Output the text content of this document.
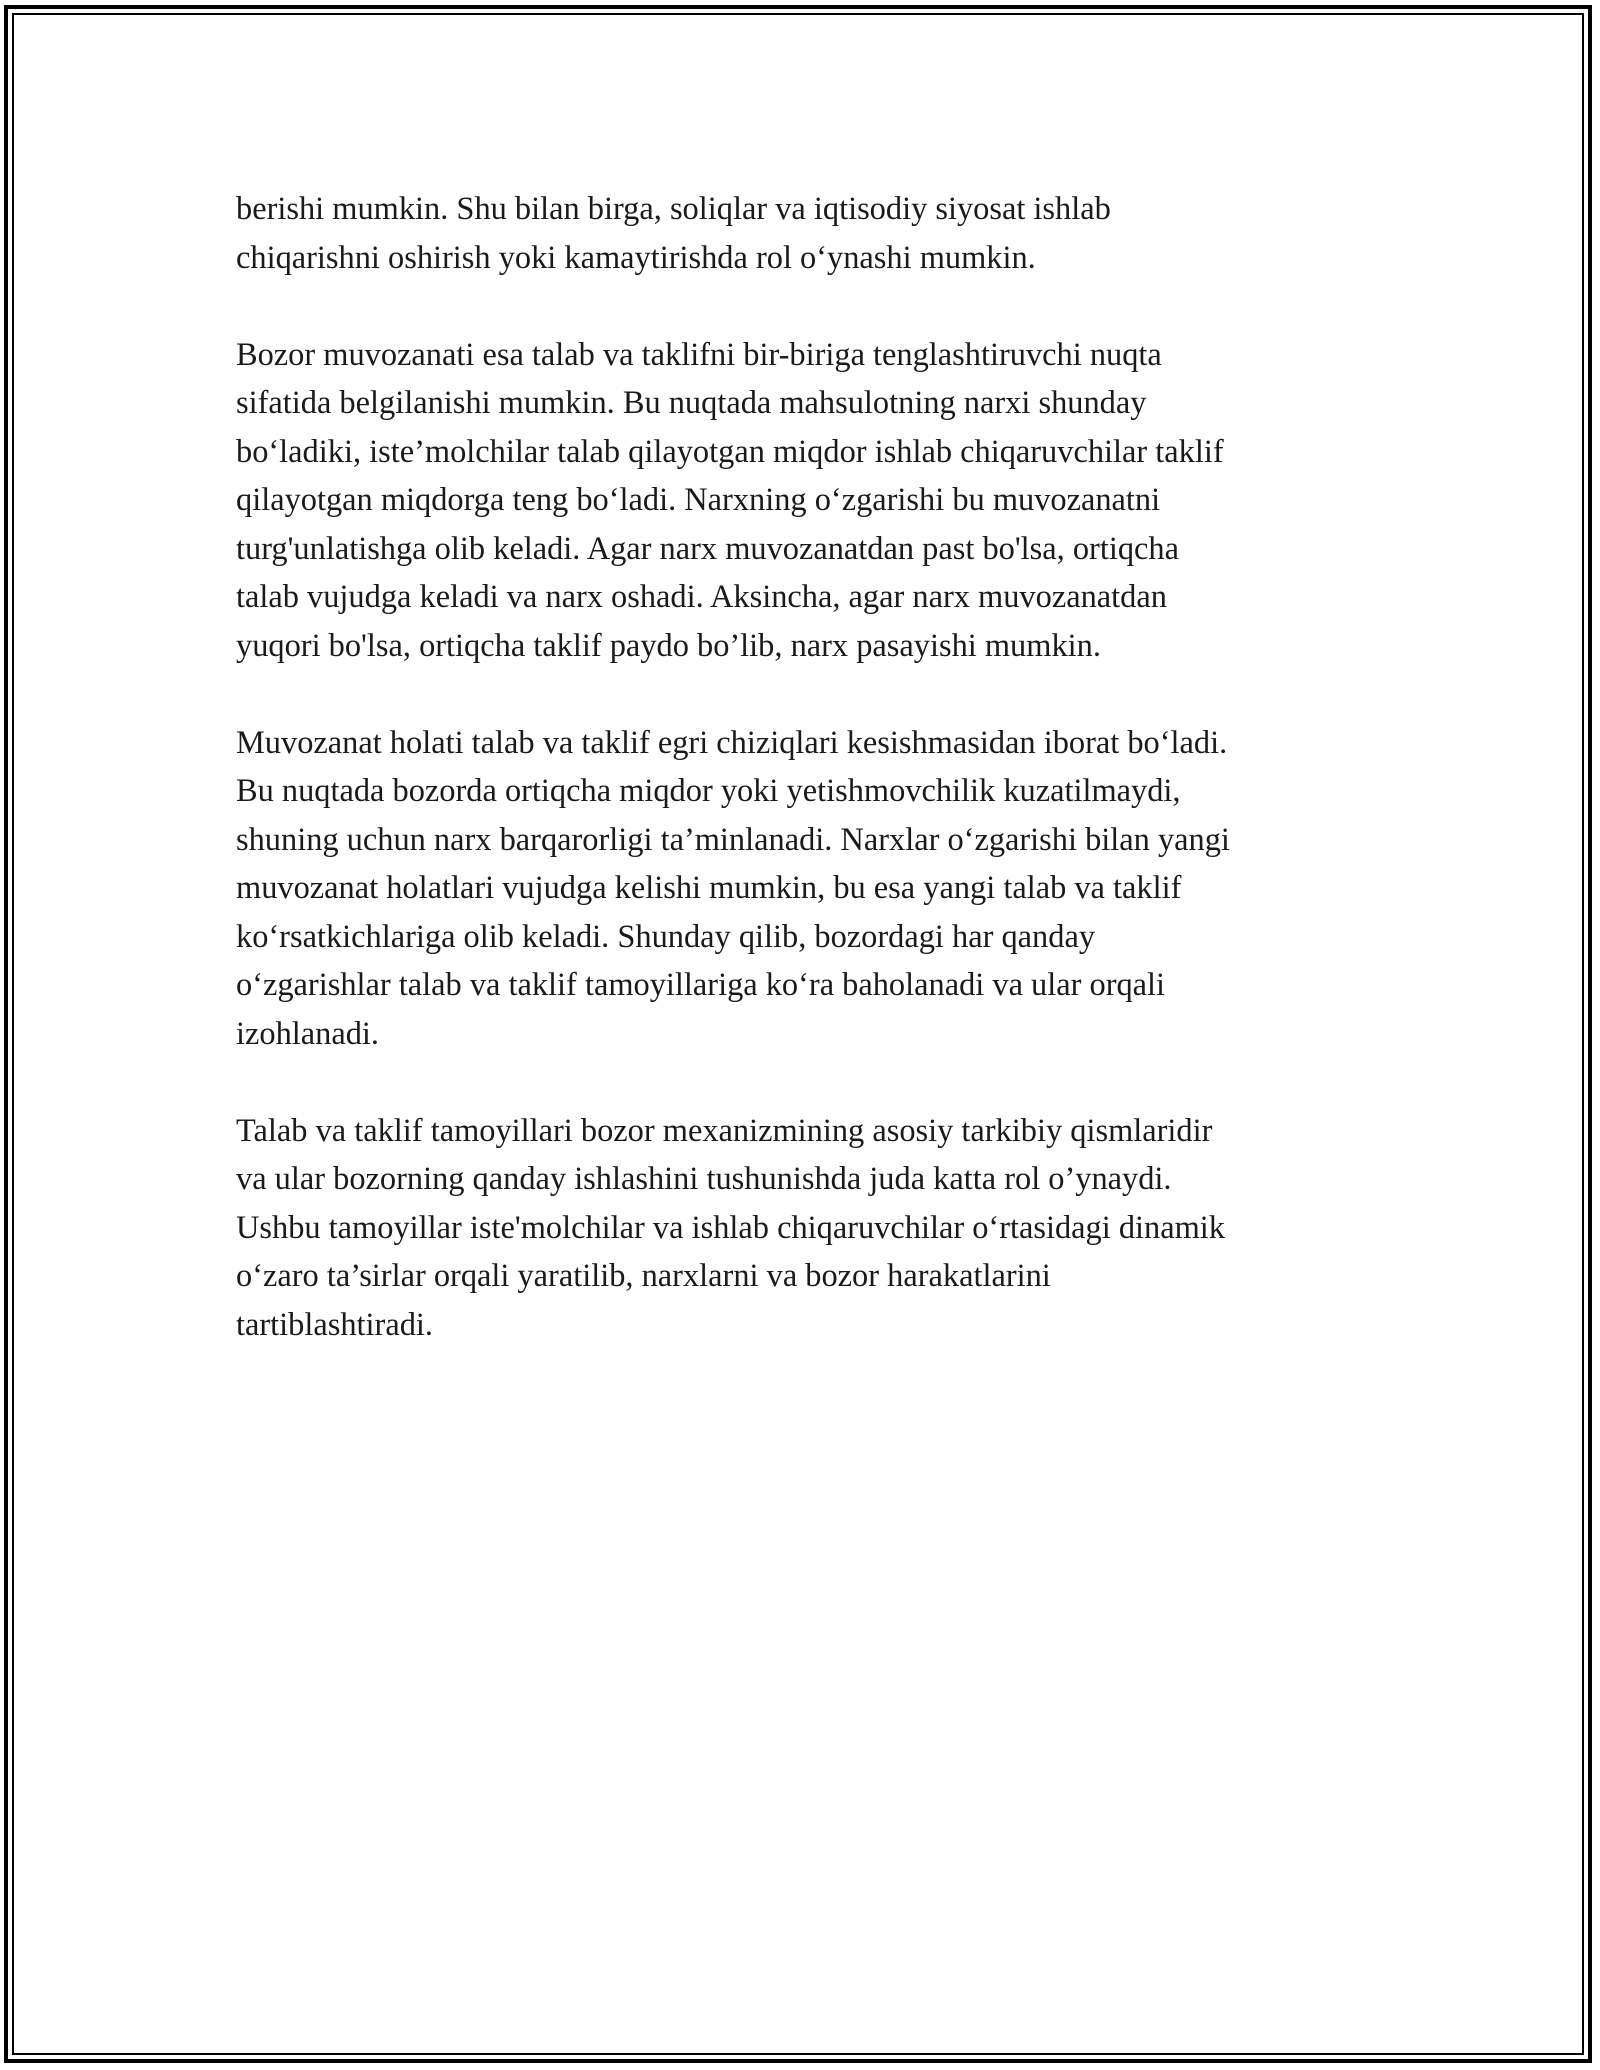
berishi mumkin. Shu bilan birga, soliqlar va iqtisodiy siyosat ishlab
chiqarishni oshirish yoki kamaytirishda rol o‘ynashi mumkin.

Bozor muvozanati esa talab va taklifni bir-biriga tenglashtiruvchi nuqta
sifatida belgilanishi mumkin. Bu nuqtada mahsulotning narxi shunday
bo‘ladiki, iste’molchilar talab qilayotgan miqdor ishlab chiqaruvchilar taklif
qilayotgan miqdorga teng bo‘ladi. Narxning o‘zgarishi bu muvozanatni
turg'unlatishga olib keladi. Agar narx muvozanatdan past bo'lsa, ortiqcha
talab vujudga keladi va narx oshadi. Aksincha, agar narx muvozanatdan
yuqori bo'lsa, ortiqcha taklif paydo bo’lib, narx pasayishi mumkin.

Muvozanat holati talab va taklif egri chiziqlari kesishmasidan iborat bo‘ladi.
Bu nuqtada bozorda ortiqcha miqdor yoki yetishmovchilik kuzatilmaydi,
shuning uchun narx barqarorligi ta’minlanadi. Narxlar o‘zgarishi bilan yangi
muvozanat holatlari vujudga kelishi mumkin, bu esa yangi talab va taklif
ko‘rsatkichlariga olib keladi. Shunday qilib, bozordagi har qanday
o‘zgarishlar talab va taklif tamoyillariga ko‘ra baholanadi va ular orqali
izohlanadi.

Talab va taklif tamoyillari bozor mexanizmining asosiy tarkibiy qismlaridir
va ular bozorning qanday ishlashini tushunishda juda katta rol o’ynaydi.
Ushbu tamoyillar iste'molchilar va ishlab chiqaruvchilar o‘rtasidagi dinamik
o‘zaro ta’sirlar orqali yaratilib, narxlarni va bozor harakatlarini
tartiblashtiradi.
